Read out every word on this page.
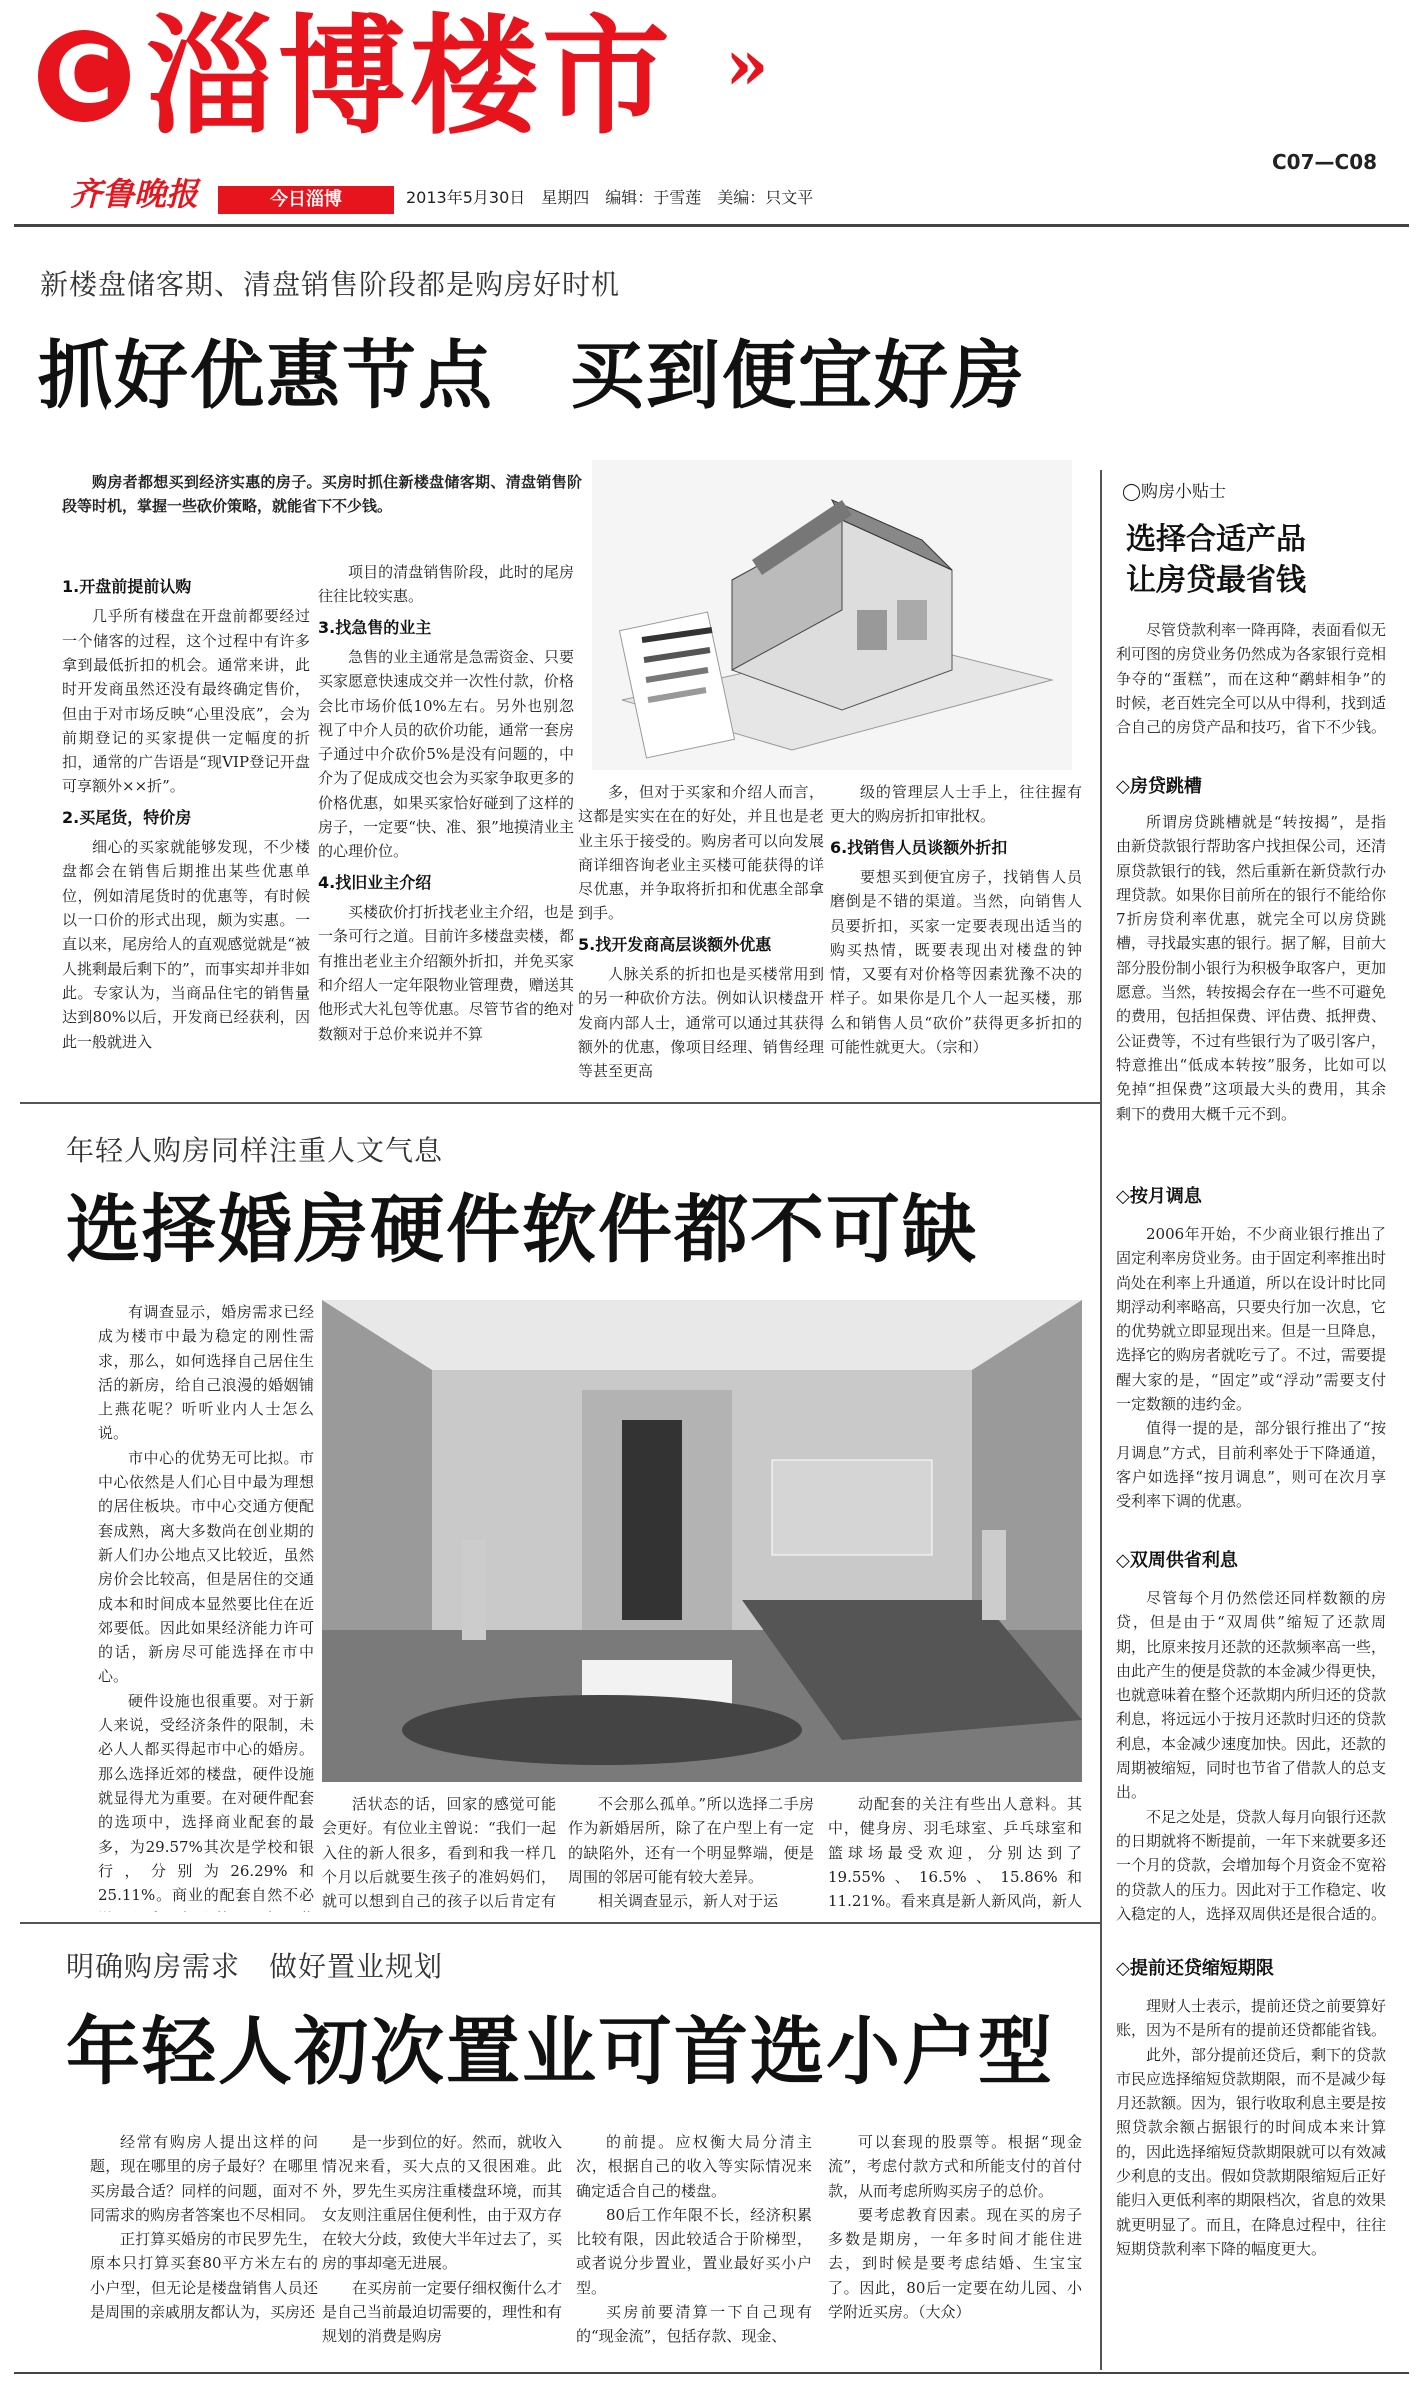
C 淄博楼市 »
C07—C08
齐鲁晚报	今日淄博	2013年5月30日　星期四　编辑：于雪莲　美编：只文平
新楼盘储客期、清盘销售阶段都是购房好时机
抓好优惠节点　买到便宜好房

购房者都想买到经济实惠的房子。买房时抓住新楼盘储客期、清盘销售阶段等时机，掌握一些砍价策略，就能省下不少钱。

1.开盘前提前认购

几乎所有楼盘在开盘前都要经过一个储客的过程，这个过程中有许多拿到最低折扣的机会。通常来讲，此时开发商虽然还没有最终确定售价，但由于对市场反映“心里没底”，会为前期登记的买家提供一定幅度的折扣，通常的广告语是“现VIP登记开盘可享额外××折”。

2.买尾货，特价房

细心的买家就能够发现，不少楼盘都会在销售后期推出某些优惠单位，例如清尾货时的优惠等，有时候以一口价的形式出现，颇为实惠。一直以来，尾房给人的直观感觉就是“被人挑剩最后剩下的”，而事实却并非如此。专家认为，当商品住宅的销售量达到80%以后，开发商已经获利，因此一般就进入

项目的清盘销售阶段，此时的尾房往往比较实惠。

3.找急售的业主

急售的业主通常是急需资金、只要买家愿意快速成交并一次性付款，价格会比市场价低10%左右。另外也别忽视了中介人员的砍价功能，通常一套房子通过中介砍价5%是没有问题的，中介为了促成成交也会为买家争取更多的价格优惠，如果买家恰好碰到了这样的房子，一定要“快、准、狠”地摸清业主的心理价位。

4.找旧业主介绍

买楼砍价打折找老业主介绍，也是一条可行之道。目前许多楼盘卖楼，都有推出老业主介绍额外折扣，并免买家和介绍人一定年限物业管理费，赠送其他形式大礼包等优惠。尽管节省的绝对数额对于总价来说并不算

多，但对于买家和介绍人而言，这都是实实在在的好处，并且也是老业主乐于接受的。购房者可以向发展商详细咨询老业主买楼可能获得的详尽优惠，并争取将折扣和优惠全部拿到手。

5.找开发商高层谈额外优惠

人脉关系的折扣也是买楼常用到的另一种砍价方法。例如认识楼盘开发商内部人士，通常可以通过其获得额外的优惠，像项目经理、销售经理等甚至更高

级的管理层人士手上，往往握有更大的购房折扣审批权。

6.找销售人员谈额外折扣

要想买到便宜房子，找销售人员磨倒是不错的渠道。当然，向销售人员要折扣，买家一定要表现出适当的购买热情，既要表现出对楼盘的钟情，又要有对价格等因素犹豫不决的样子。如果你是几个人一起买楼，那么和销售人员“砍价”获得更多折扣的可能性就更大。（宗和）

年轻人购房同样注重人文气息
选择婚房硬件软件都不可缺

有调查显示，婚房需求已经成为楼市中最为稳定的刚性需求，那么，如何选择自己居住生活的新房，给自己浪漫的婚姻铺上燕花呢？听听业内人士怎么说。

市中心的优势无可比拟。市中心依然是人们心目中最为理想的居住板块。市中心交通方便配套成熟，离大多数尚在创业期的新人们办公地点又比较近，虽然房价会比较高，但是居住的交通成本和时间成本显然要比住在近郊要低。因此如果经济能力许可的话，新房尽可能选择在市中心。

硬件设施也很重要。对于新人来说，受经济条件的限制，未必人人都买得起市中心的婚房。那么选择近郊的楼盘，硬件设施就显得尤为重要。在对硬件配套的选项中，选择商业配套的最多，为29.57%其次是学校和银行，分别为26.29%和25.11%。商业的配套自然不必

活状态的话，回家的感觉可能会更好。有位业主曾说：“我们一起入住的新人很多，看到和我一样几个月以后就要生孩子的准妈妈们，就可以想到自己的孩子以后肯定有

不会那么孤单。”所以选择二手房作为新婚居所，除了在户型上有一定的缺陷外，还有一个明显弊端，便是周围的邻居可能有较大差异。

相关调查显示，新人对于运

动配套的关注有些出人意料。其中，健身房、羽毛球室、乒乓球室和篮球场最受欢迎，分别达到了19.55%、16.5%、15.86%和11.21%。看来真是新人新风尚，新人

明确购房需求　做好置业规划
年轻人初次置业可首选小户型

经常有购房人提出这样的问题，现在哪里的房子最好？在哪里买房最合适？同样的问题，面对不同需求的购房者答案也不尽相同。

正打算买婚房的市民罗先生，原本只打算买套80平方米左右的小户型，但无论是楼盘销售人员还是周围的亲戚朋友都认为，买房还

是一步到位的好。然而，就收入情况来看，买大点的又很困难。此外，罗先生买房注重楼盘环境，而其女友则注重居住便利性，由于双方存在较大分歧，致使大半年过去了，买房的事却毫无进展。

在买房前一定要仔细权衡什么才是自己当前最迫切需要的，理性和有规划的消费是购房

的前提。应权衡大局分清主次，根据自己的收入等实际情况来确定适合自己的楼盘。

80后工作年限不长，经济积累比较有限，因此较适合于阶梯型，或者说分步置业，置业最好买小户型。

买房前要清算一下自己现有的“现金流”，包括存款、现金、

可以套现的股票等。根据“现金流”，考虑付款方式和所能支付的首付款，从而考虑所购买房子的总价。

要考虑教育因素。现在买的房子多数是期房，一年多时间才能住进去，到时候是要考虑结婚、生宝宝了。因此，80后一定要在幼儿园、小学附近买房。（大众）

◯购房小贴士
选择合适产品
让房贷最省钱

尽管贷款利率一降再降，表面看似无利可图的房贷业务仍然成为各家银行竞相争夺的“蛋糕”，而在这种“鹬蚌相争”的时候，老百姓完全可以从中得利，找到适合自己的房贷产品和技巧，省下不少钱。

◇房贷跳槽

所谓房贷跳槽就是“转按揭”，是指由新贷款银行帮助客户找担保公司，还清原贷款银行的钱，然后重新在新贷款行办理贷款。如果你目前所在的银行不能给你7折房贷利率优惠，就完全可以房贷跳槽，寻找最实惠的银行。据了解，目前大部分股份制小银行为积极争取客户，更加愿意。当然，转按揭会存在一些不可避免的费用，包括担保费、评估费、抵押费、公证费等，不过有些银行为了吸引客户，特意推出“低成本转按”服务，比如可以免掉“担保费”这项最大头的费用，其余剩下的费用大概千元不到。

◇按月调息

2006年开始，不少商业银行推出了固定利率房贷业务。由于固定利率推出时尚处在利率上升通道，所以在设计时比同期浮动利率略高，只要央行加一次息，它的优势就立即显现出来。但是一旦降息，选择它的购房者就吃亏了。不过，需要提醒大家的是，“固定”或“浮动”需要支付一定数额的违约金。

值得一提的是，部分银行推出了“按月调息”方式，目前利率处于下降通道，客户如选择“按月调息”，则可在次月享受利率下调的优惠。

◇双周供省利息

尽管每个月仍然偿还同样数额的房贷，但是由于“双周供”缩短了还款周期，比原来按月还款的还款频率高一些，由此产生的便是贷款的本金减少得更快，也就意味着在整个还款期内所归还的贷款利息，将远远小于按月还款时归还的贷款利息，本金减少速度加快。因此，还款的周期被缩短，同时也节省了借款人的总支出。

不足之处是，贷款人每月向银行还款的日期就将不断提前，一年下来就要多还一个月的贷款，会增加每个月资金不宽裕的贷款人的压力。因此对于工作稳定、收入稳定的人，选择双周供还是很合适的。

◇提前还贷缩短期限

理财人士表示，提前还贷之前要算好账，因为不是所有的提前还贷都能省钱。

此外，部分提前还贷后，剩下的贷款市民应选择缩短贷款期限，而不是减少每月还款额。因为，银行收取利息主要是按照贷款余额占据银行的时间成本来计算的，因此选择缩短贷款期限就可以有效减少利息的支出。假如贷款期限缩短后正好能归入更低利率的期限档次，省息的效果就更明显了。而且，在降息过程中，往往短期贷款利率下降的幅度更大。
